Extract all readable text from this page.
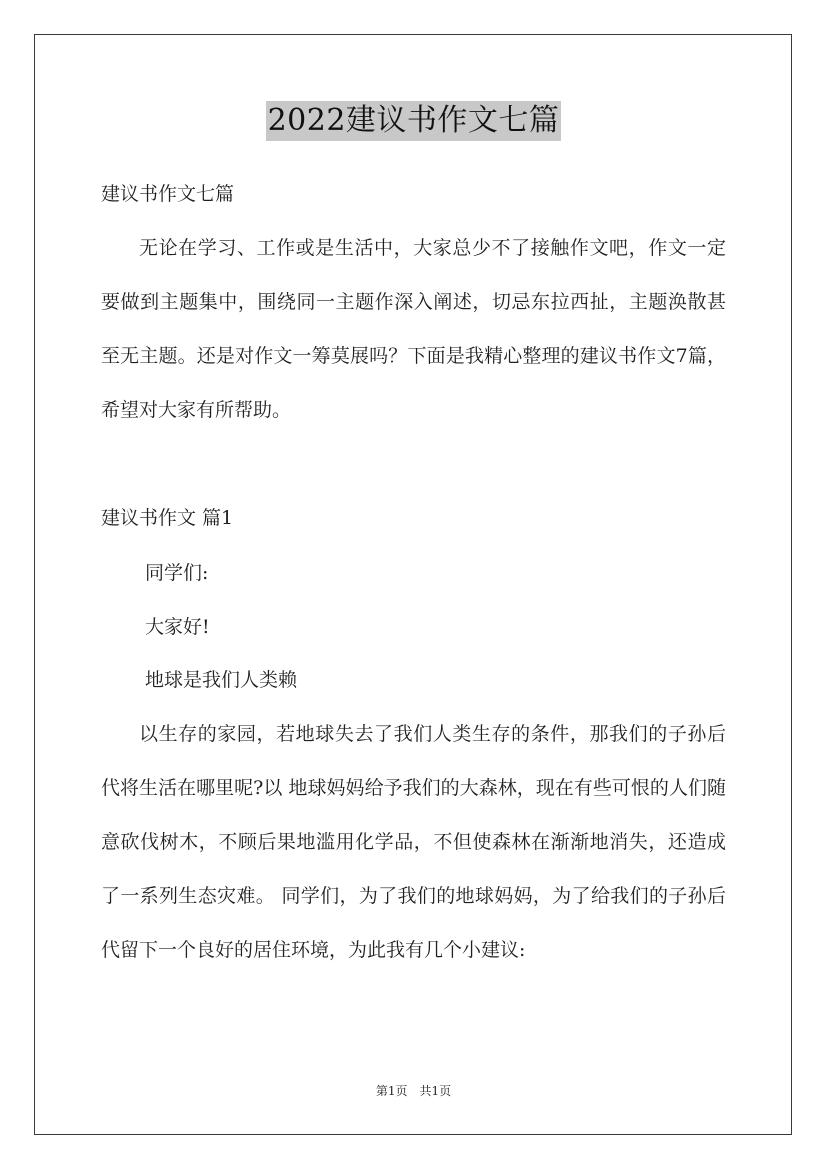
2022建议书作文七篇
建议书作文七篇
无论在学习、工作或是生活中，大家总少不了接触作文吧，作文一定要做到主题集中，围绕同一主题作深入阐述，切忌东拉西扯，主题涣散甚至无主题。还是对作文一筹莫展吗？下面是我精心整理的建议书作文7篇，希望对大家有所帮助。
建议书作文 篇1
同学们:
大家好!
地球是我们人类赖
以生存的家园，若地球失去了我们人类生存的条件，那我们的子孙后代将生活在哪里呢?以 地球妈妈给予我们的大森林，现在有些可恨的人们随意砍伐树木，不顾后果地滥用化学品，不但使森林在渐渐地消失，还造成了一系列生态灾难。 同学们，为了我们的地球妈妈，为了给我们的子孙后代留下一个良好的居住环境，为此我有几个小建议:
第1页　共1页
